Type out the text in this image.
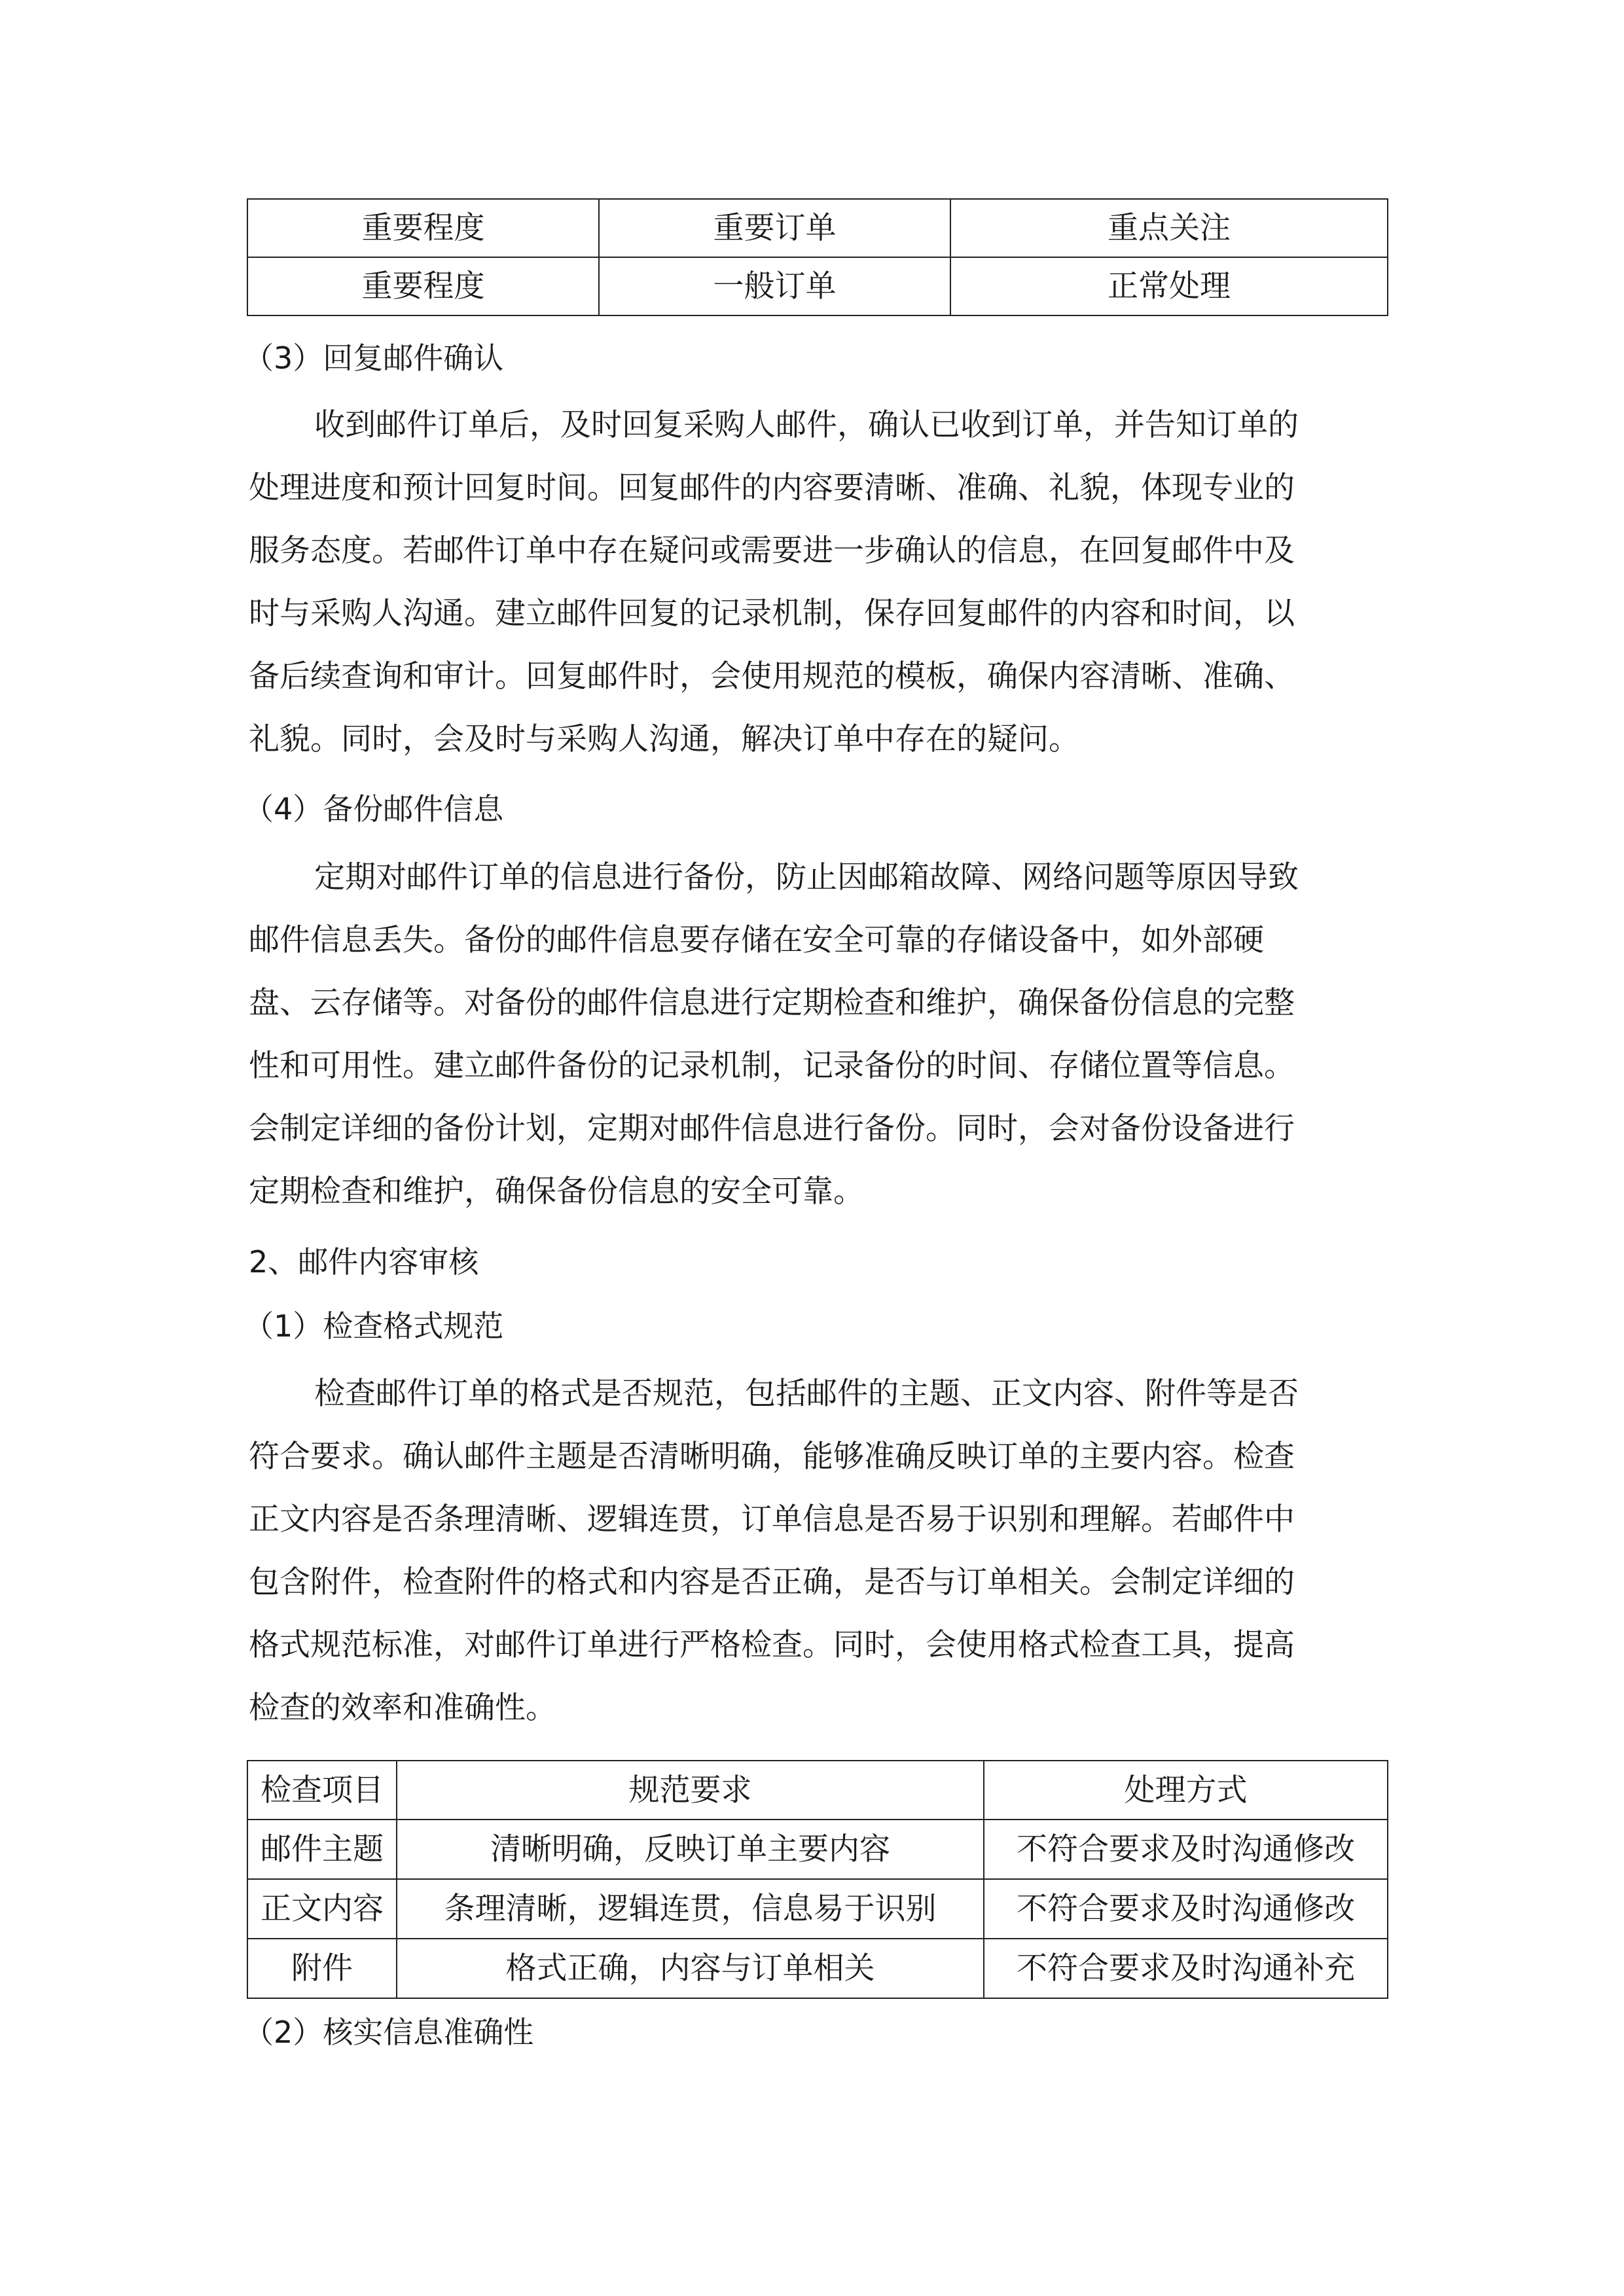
重要程度	重要订单	重点关注
重要程度	一般订单	正常处理

（3）回复邮件确认

收到邮件订单后，及时回复采购人邮件，确认已收到订单，并告知订单的
处理进度和预计回复时间。回复邮件的内容要清晰、准确、礼貌，体现专业的
服务态度。若邮件订单中存在疑问或需要进一步确认的信息，在回复邮件中及
时与采购人沟通。建立邮件回复的记录机制，保存回复邮件的内容和时间，以
备后续查询和审计。回复邮件时，会使用规范的模板，确保内容清晰、准确、
礼貌。同时，会及时与采购人沟通，解决订单中存在的疑问。

（4）备份邮件信息

定期对邮件订单的信息进行备份，防止因邮箱故障、网络问题等原因导致
邮件信息丢失。备份的邮件信息要存储在安全可靠的存储设备中，如外部硬
盘、云存储等。对备份的邮件信息进行定期检查和维护，确保备份信息的完整
性和可用性。建立邮件备份的记录机制，记录备份的时间、存储位置等信息。
会制定详细的备份计划，定期对邮件信息进行备份。同时，会对备份设备进行
定期检查和维护，确保备份信息的安全可靠。

2、邮件内容审核

（1）检查格式规范

检查邮件订单的格式是否规范，包括邮件的主题、正文内容、附件等是否
符合要求。确认邮件主题是否清晰明确，能够准确反映订单的主要内容。检查
正文内容是否条理清晰、逻辑连贯，订单信息是否易于识别和理解。若邮件中
包含附件，检查附件的格式和内容是否正确，是否与订单相关。会制定详细的
格式规范标准，对邮件订单进行严格检查。同时，会使用格式检查工具，提高
检查的效率和准确性。
检查项目	规范要求	处理方式
邮件主题	清晰明确，反映订单主要内容	不符合要求及时沟通修改
正文内容	条理清晰，逻辑连贯，信息易于识别	不符合要求及时沟通修改
附件	格式正确，内容与订单相关	不符合要求及时沟通补充

（2）核实信息准确性
